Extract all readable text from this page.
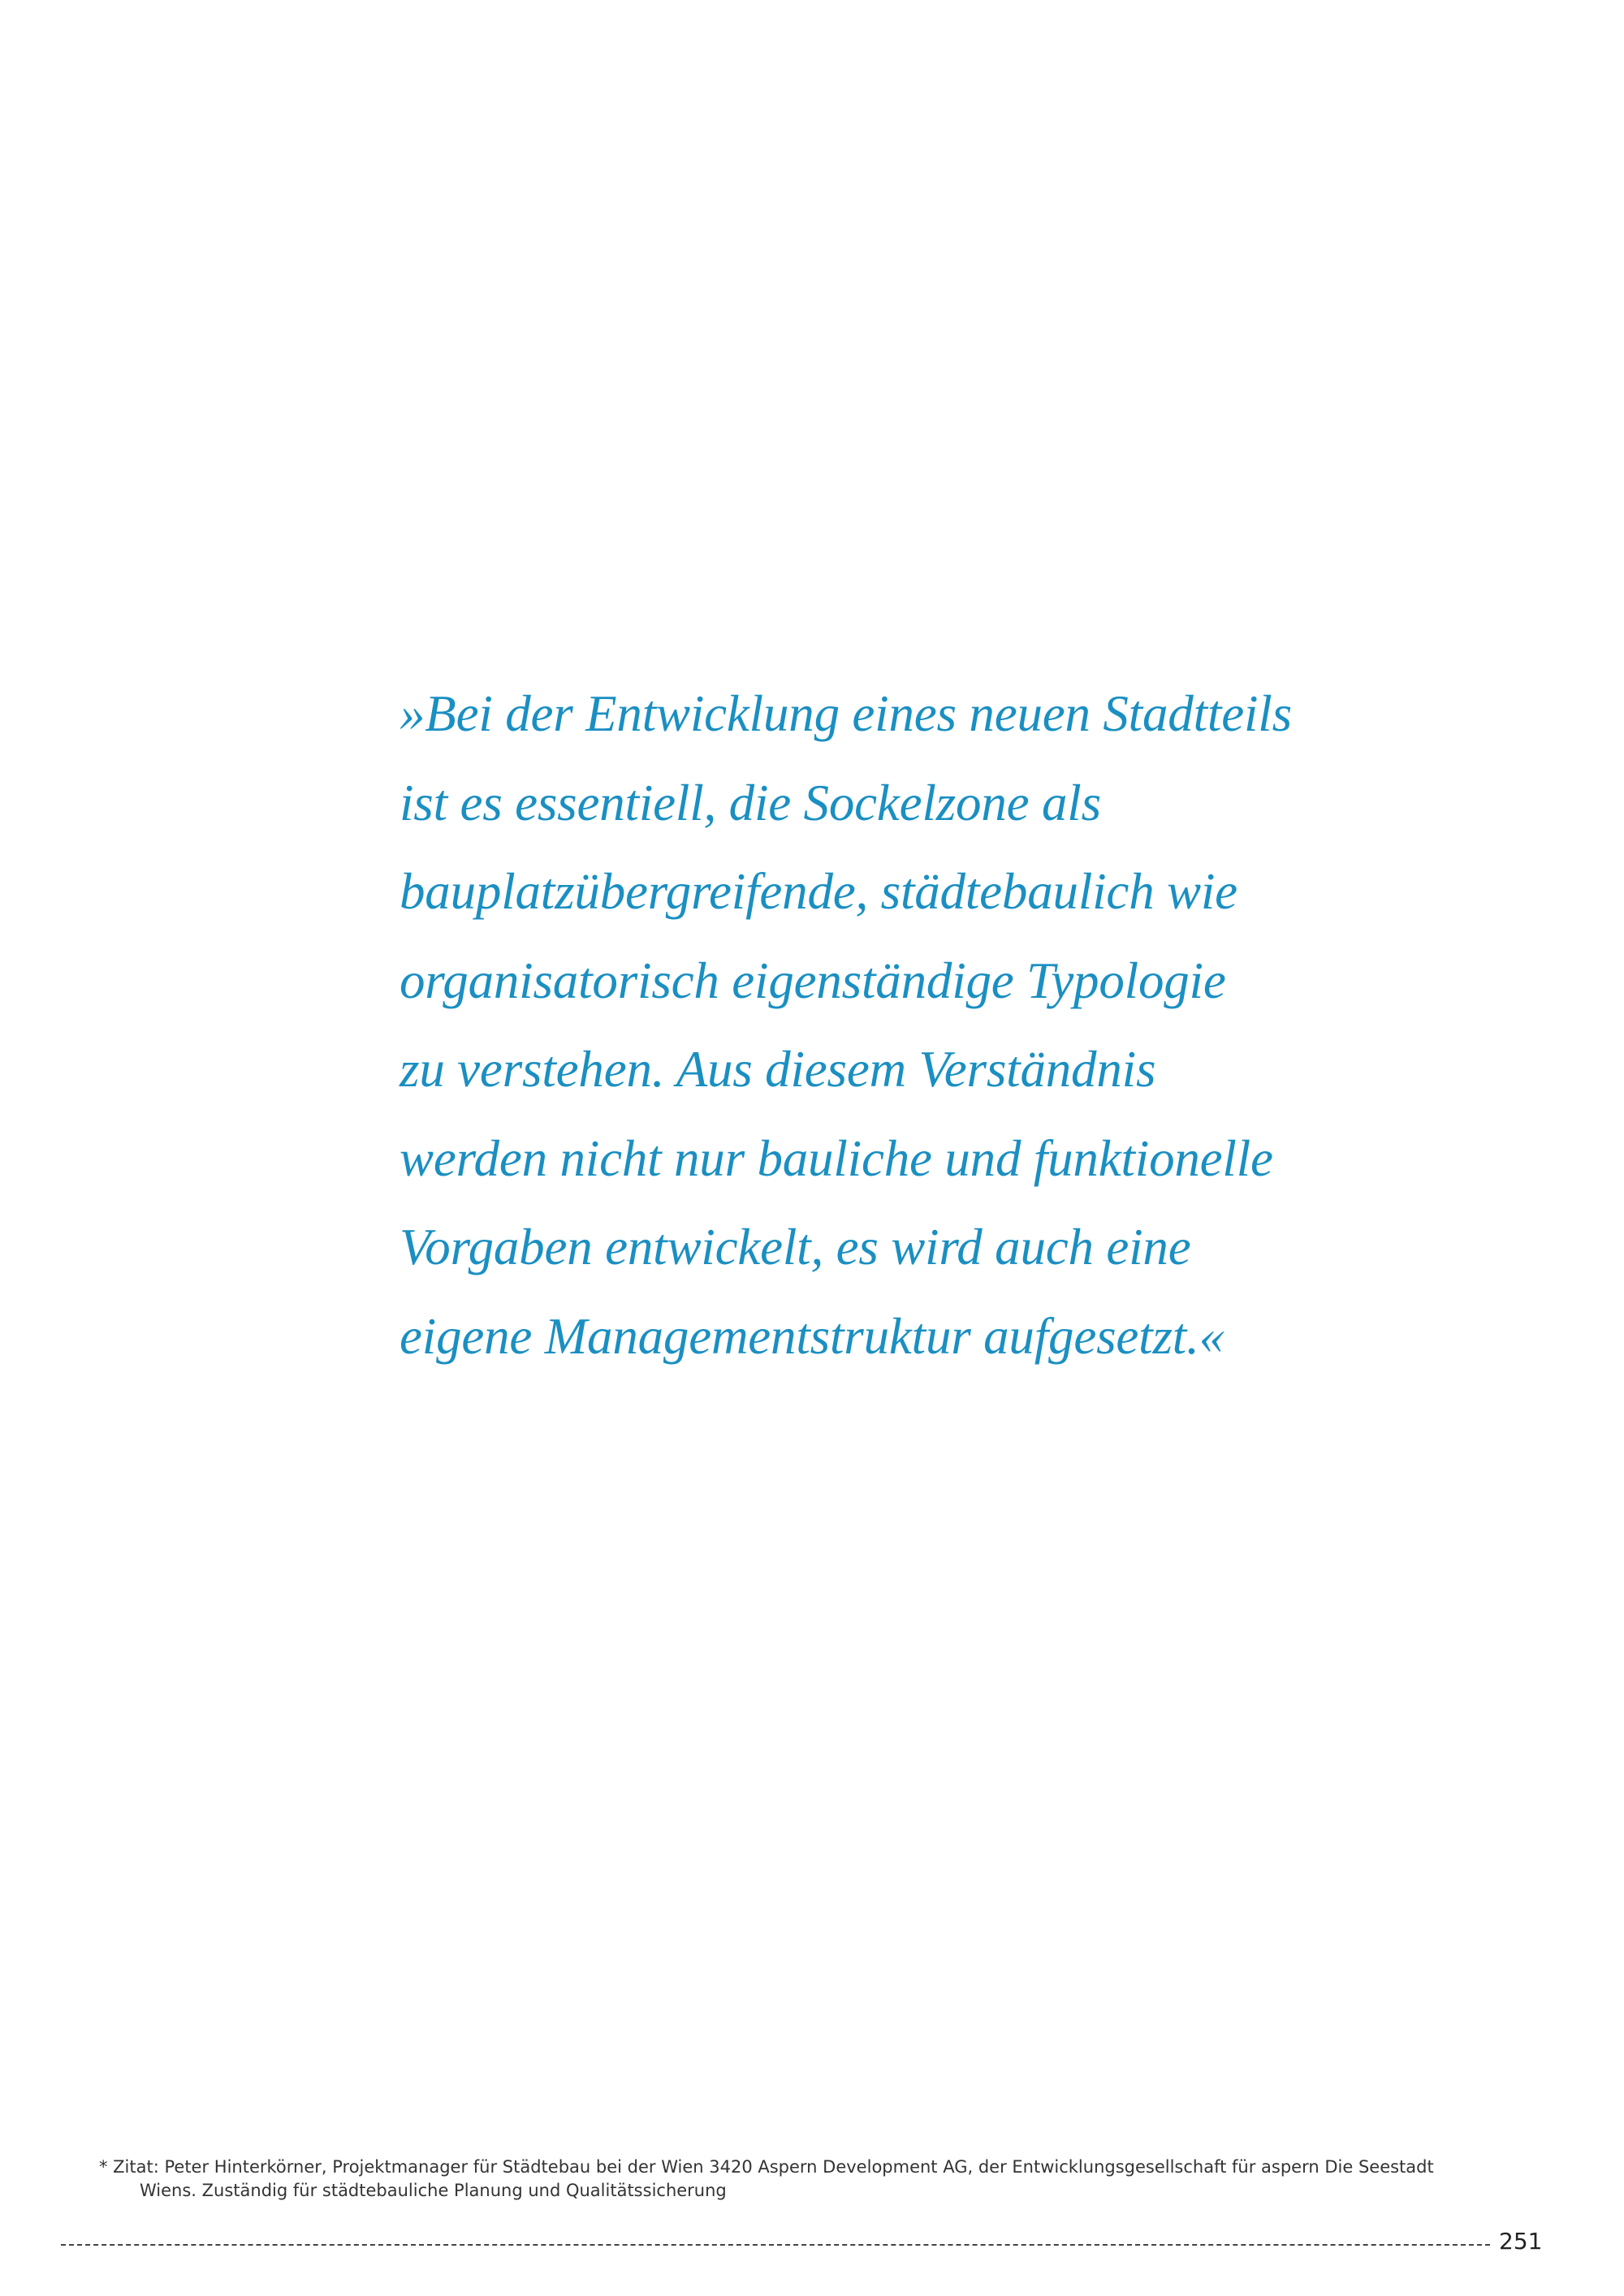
»Bei der Entwicklung eines neuen Stadtteils
ist es essentiell, die Sockelzone als
bauplatzübergreifende, städtebaulich wie
organisatorisch eigenständige Typologie
zu verstehen. Aus diesem Verständnis
werden nicht nur bauliche und funktionelle
Vorgaben entwickelt, es wird auch eine
eigene Managementstruktur aufgesetzt.«
* Zitat: Peter Hinterkörner, Projektmanager für Städtebau bei der Wien 3420 Aspern Development AG, der Entwicklungsgesellschaft für aspern Die Seestadt
Wiens. Zuständig für städtebauliche Planung und Qualitätssicherung
251
